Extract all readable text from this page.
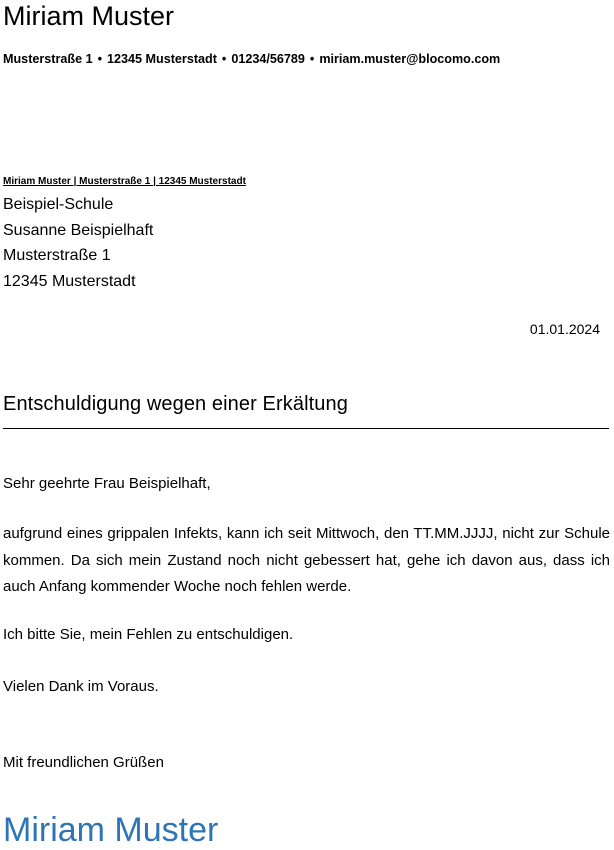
Miriam Muster
Musterstraße 1 • 12345 Musterstadt • 01234/56789 • miriam.muster@blocomo.com
Miriam Muster | Musterstraße 1 | 12345 Musterstadt
Beispiel-Schule
Susanne Beispielhaft
Musterstraße 1
12345 Musterstadt
01.01.2024
Entschuldigung wegen einer Erkältung
Sehr geehrte Frau Beispielhaft,
aufgrund eines grippalen Infekts, kann ich seit Mittwoch, den TT.MM.JJJJ, nicht zur Schule kommen. Da sich mein Zustand noch nicht gebessert hat, gehe ich davon aus, dass ich auch Anfang kommender Woche noch fehlen werde.
Ich bitte Sie, mein Fehlen zu entschuldigen.
Vielen Dank im Voraus.
Mit freundlichen Grüßen
Miriam Muster
